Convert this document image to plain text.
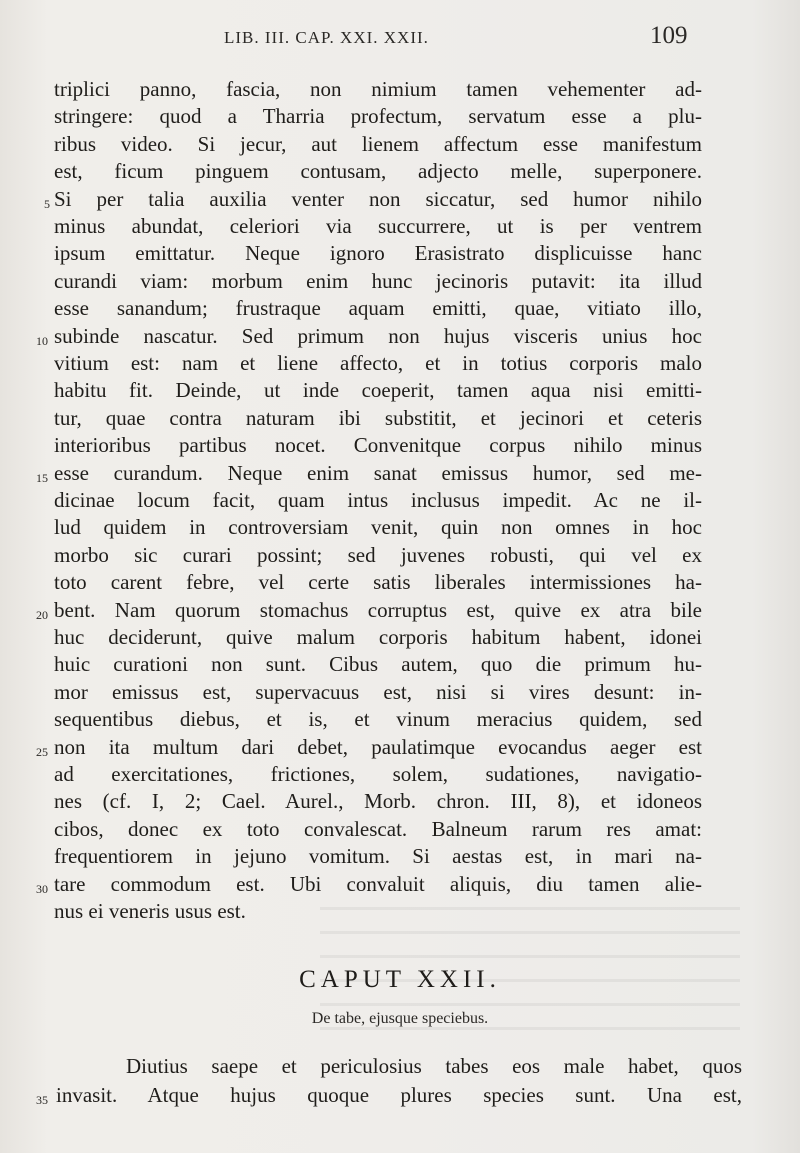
LIB. III. CAP. XXI. XXII.	109
triplici panno, fascia, non nimium tamen vehementer ad-
stringere: quod a Tharria profectum, servatum esse a plu-
ribus video. Si jecur, aut lienem affectum esse manifestum
est, ficum pinguem contusam, adjecto melle, superponere.
5 Si per talia auxilia venter non siccatur, sed humor nihilo
minus abundat, celeriori via succurrere, ut is per ventrem
ipsum emittatur. Neque ignoro Erasistrato displicuisse hanc
curandi viam: morbum enim hunc jecinoris putavit: ita illud
esse sanandum; frustraque aquam emitti, quae, vitiato illo,
10 subinde nascatur. Sed primum non hujus visceris unius hoc
vitium est: nam et liene affecto, et in totius corporis malo
habitu fit. Deinde, ut inde coeperit, tamen aqua nisi emitti-
tur, quae contra naturam ibi substitit, et jecinori et ceteris
interioribus partibus nocet. Convenitque corpus nihilo minus
15 esse curandum. Neque enim sanat emissus humor, sed me-
dicinae locum facit, quam intus inclusus impedit. Ac ne il-
lud quidem in controversiam venit, quin non omnes in hoc
morbo sic curari possint; sed juvenes robusti, qui vel ex
toto carent febre, vel certe satis liberales intermissiones ha-
20 bent. Nam quorum stomachus corruptus est, quive ex atra bile
huc deciderunt, quive malum corporis habitum habent, idonei
huic curationi non sunt. Cibus autem, quo die primum hu-
mor emissus est, supervacuus est, nisi si vires desunt: in-
sequentibus diebus, et is, et vinum meracius quidem, sed
25 non ita multum dari debet, paulatimque evocandus aeger est
ad exercitationes, frictiones, solem, sudationes, navigatio-
nes (cf. I, 2; Cael. Aurel., Morb. chron. III, 8), et idoneos
cibos, donec ex toto convalescat. Balneum rarum res amat:
frequentiorem in jejuno vomitum. Si aestas est, in mari na-
30 tare commodum est. Ubi convaluit aliquis, diu tamen alie-
nus ei veneris usus est.
CAPUT XXII.
De tabe, ejusque speciebus.
Diutius saepe et periculosius tabes eos male habet, quos
35 invasit. Atque hujus quoque plures species sunt. Una est,
